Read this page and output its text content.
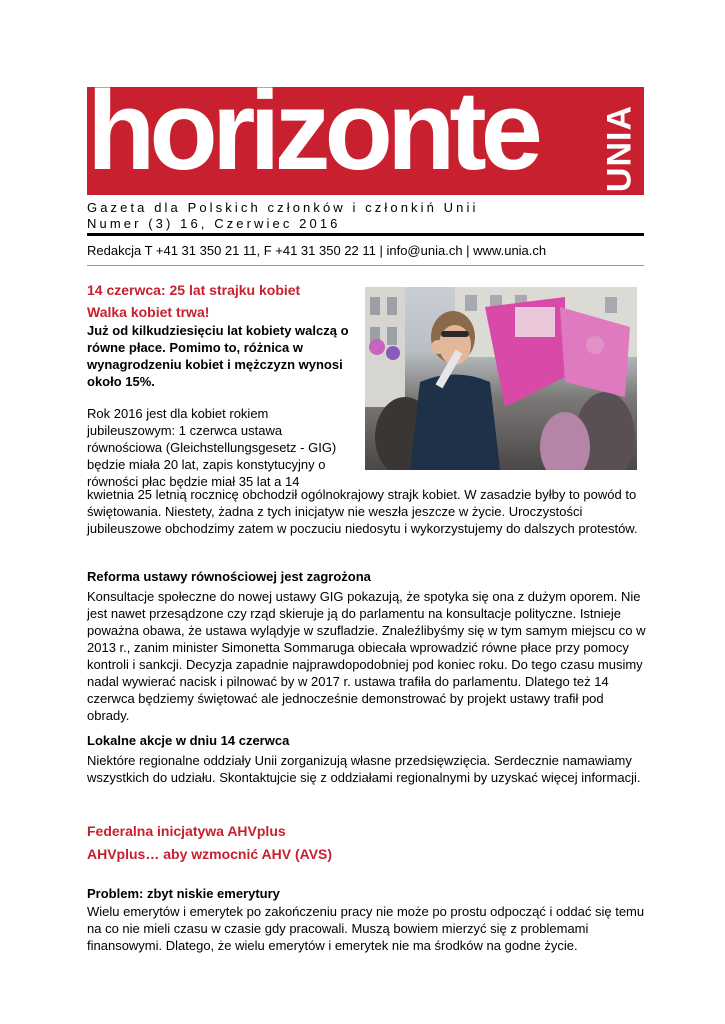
horizonte UNIA
Gazeta dla Polskich członków i członkiń Unii
Numer (3) 16, Czerwiec 2016
Redakcja T +41 31 350 21 11, F +41 31 350 22 11 | info@unia.ch | www.unia.ch
14 czerwca: 25 lat strajku kobiet
Walka kobiet trwa!
Już od kilkudziesięciu lat kobiety walczą o równe płace. Pomimo to, różnica w wynagrodzeniu kobiet i mężczyzn wynosi około 15%.
Rok 2016 jest dla kobiet rokiem jubileuszowym: 1 czerwca ustawa równościowa (Gleichstellungsgesetz - GIG) będzie miała 20 lat, zapis konstytucyjny o równości płac będzie miał 35 lat a 14
kwietnia 25 letnią rocznicę obchodził ogólnokrajowy strajk kobiet. W zasadzie byłby to powód to świętowania. Niestety, żadna z tych inicjatyw nie weszła jeszcze w życie. Uroczystości jubileuszowe obchodzimy zatem w poczuciu niedosytu i wykorzystujemy do dalszych protestów.
Reforma ustawy równościowej jest zagrożona
Konsultacje społeczne do nowej ustawy GIG pokazują, że spotyka się ona z dużym oporem. Nie jest nawet przesądzone czy rząd skieruje ją do parlamentu na konsultacje polityczne. Istnieje poważna obawa, że ustawa wylądyje w szufladzie. Znaleźlibyśmy się w tym samym miejscu co w 2013 r., zanim minister Simonetta Sommaruga obiecała wprowadzić równe płace przy pomocy kontroli i sankcji. Decyzja zapadnie najprawdopodobniej pod koniec roku. Do tego czasu musimy nadal wywierać nacisk i pilnować by w 2017 r. ustawa trafiła do parlamentu. Dlatego też 14 czerwca będziemy świętować ale jednocześnie demonstrować by projekt ustawy trafił pod obrady.
Lokalne akcje w dniu 14 czerwca
Niektóre regionalne oddziały Unii zorganizują własne przedsięwzięcia. Serdecznie namawiamy wszystkich do udziału. Skontaktujcie się z oddziałami regionalnymi by uzyskać więcej informacji.
Federalna inicjatywa AHVplus
AHVplus… aby wzmocnić AHV (AVS)
Problem: zbyt niskie emerytury
Wielu emerytów i emerytek po zakończeniu pracy nie może po prostu odpocząć i oddać się temu na co nie mieli czasu w czasie gdy pracowali. Muszą bowiem mierzyć się z problemami finansowymi. Dlatego, że wielu emerytów i emerytek nie ma środków na godne życie.
